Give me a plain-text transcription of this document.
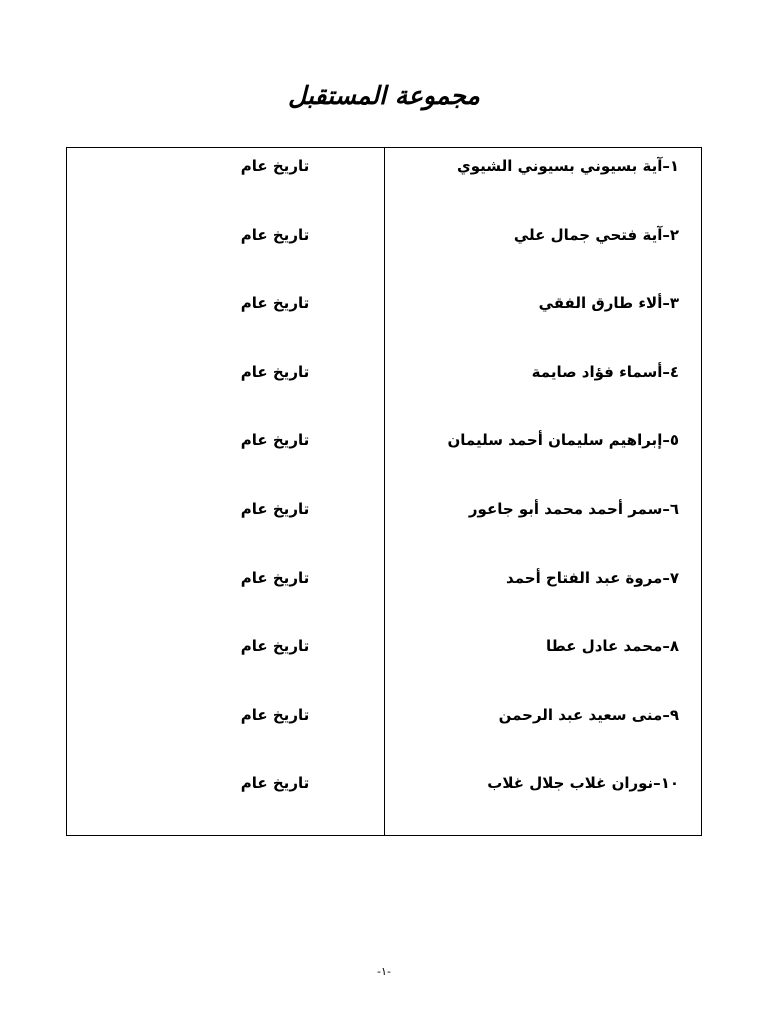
مجموعة المستقبل
١–آية بسيوني بسيوني الشيوي
تاريخ عام
٢–آية فتحي جمال علي
تاريخ عام
٣–ألاء طارق الفقي
تاريخ عام
٤–أسماء فؤاد صايمة
تاريخ عام
٥–إبراهيم سليمان أحمد سليمان
تاريخ عام
٦–سمر أحمد محمد أبو جاعور
تاريخ عام
٧–مروة عبد الفتاح أحمد
تاريخ عام
٨–محمد عادل عطا
تاريخ عام
٩–منى سعيد عبد الرحمن
تاريخ عام
١٠–نوران غلاب جلال غلاب
تاريخ عام
-١-
